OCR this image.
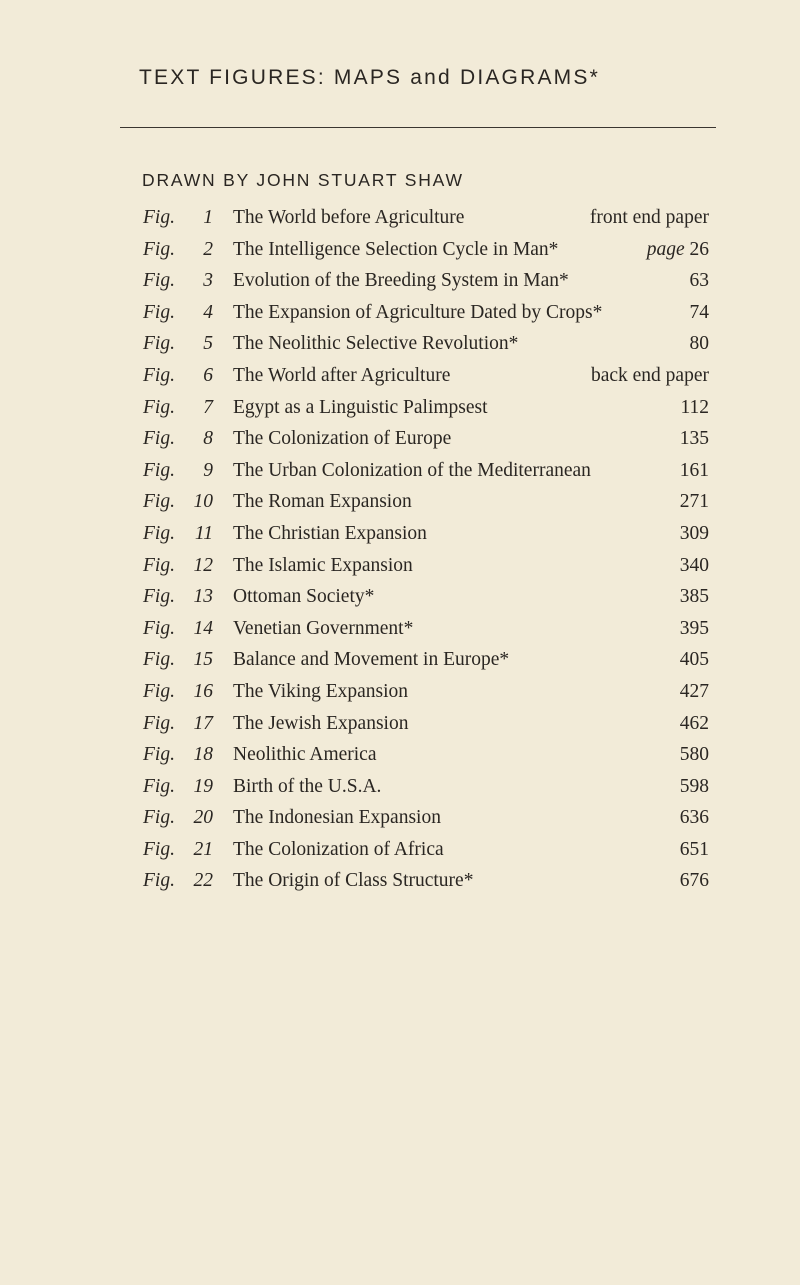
TEXT FIGURES: MAPS and DIAGRAMS*
DRAWN BY JOHN STUART SHAW
Fig. 1 The World before Agriculture	front end paper
Fig. 2 The Intelligence Selection Cycle in Man*	page 26
Fig. 3 Evolution of the Breeding System in Man*	63
Fig. 4 The Expansion of Agriculture Dated by Crops*	74
Fig. 5 The Neolithic Selective Revolution*	80
Fig. 6 The World after Agriculture	back end paper
Fig. 7 Egypt as a Linguistic Palimpsest	112
Fig. 8 The Colonization of Europe	135
Fig. 9 The Urban Colonization of the Mediterranean	161
Fig. 10 The Roman Expansion	271
Fig. 11 The Christian Expansion	309
Fig. 12 The Islamic Expansion	340
Fig. 13 Ottoman Society*	385
Fig. 14 Venetian Government*	395
Fig. 15 Balance and Movement in Europe*	405
Fig. 16 The Viking Expansion	427
Fig. 17 The Jewish Expansion	462
Fig. 18 Neolithic America	580
Fig. 19 Birth of the U.S.A.	598
Fig. 20 The Indonesian Expansion	636
Fig. 21 The Colonization of Africa	651
Fig. 22 The Origin of Class Structure*	676
